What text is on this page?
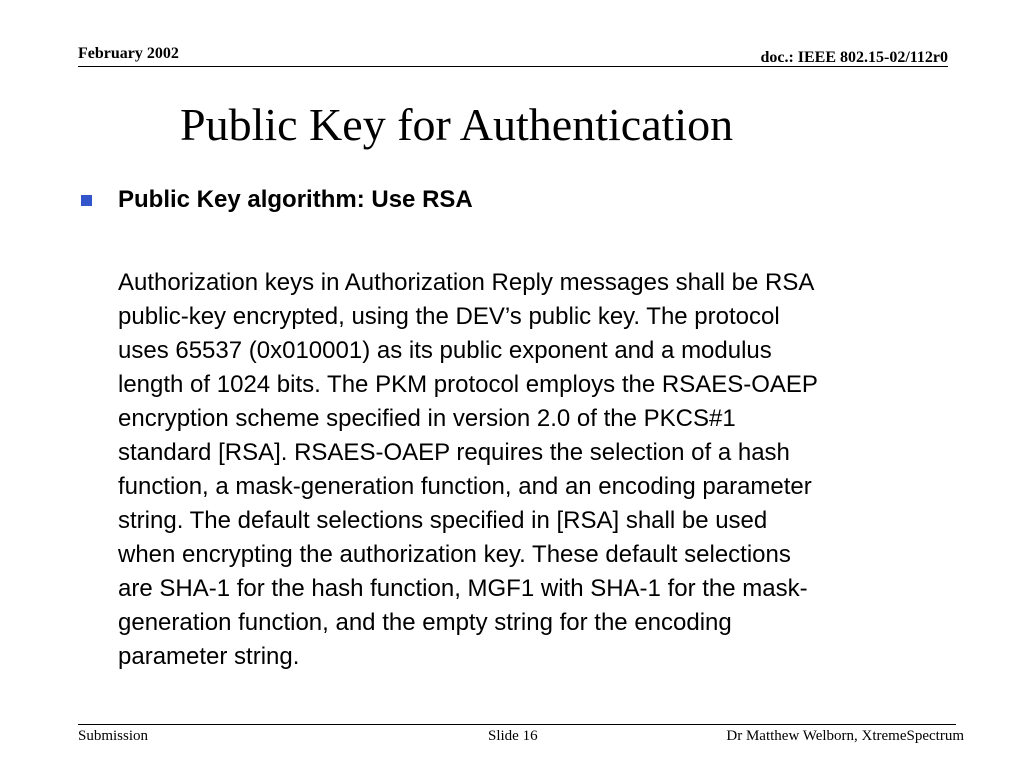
February 2002	doc.: IEEE 802.15-02/112r0
Public Key for Authentication
Public Key algorithm: Use RSA
Authorization keys in Authorization Reply messages shall be RSA
public-key encrypted, using the DEV’s public key. The protocol
uses 65537 (0x010001) as its public exponent and a modulus
length of 1024 bits. The PKM protocol employs the RSAES-OAEP
encryption scheme specified in version 2.0 of the PKCS#1
standard [RSA]. RSAES-OAEP requires the selection of a hash
function, a mask-generation function, and an encoding parameter
string. The default selections specified in [RSA] shall be used
when encrypting the authorization key. These default selections
are SHA-1 for the hash function, MGF1 with SHA-1 for the mask-
generation function, and the empty string for the encoding
parameter string.
Submission	Slide 16	Dr Matthew Welborn, XtremeSpectrum
